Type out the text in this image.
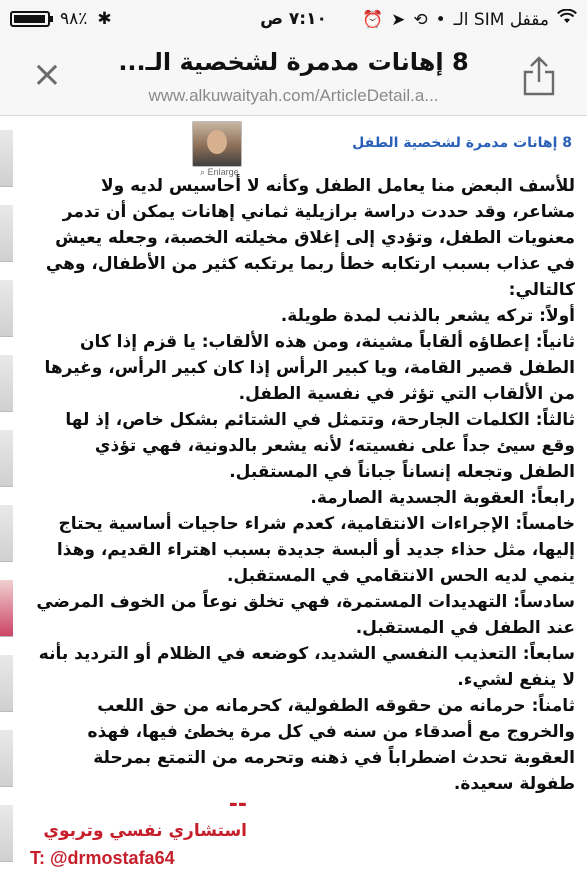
٩٨٪ ✱	٧:١٠ ص	⏰ ➤ ⟲ • الـ SIM مقفل
×	8 إهانات مدمرة لشخصية الـ...
www.alkuwaityah.com/ArticleDetail.a...
⌕ Enlarge
8 إهانات مدمرة لشخصية الطفل

للأسف البعض منا يعامل الطفل وكأنه لا أحاسيس لديه ولا مشاعر، وقد حددت دراسة برازيلية ثماني إهانات يمكن أن تدمر معنويات الطفل، وتؤدي إلى إغلاق مخيلته الخصبة، وجعله يعيش في عذاب بسبب ارتكابه خطأ ربما يرتكبه كثير من الأطفال، وهي كالتالي:

أولاً: تركه يشعر بالذنب لمدة طويلة.

ثانياً: إعطاؤه ألقاباً مشينة، ومن هذه الألقاب: يا قزم إذا كان الطفل قصير القامة، ويا كبير الرأس إذا كان كبير الرأس، وغيرها من الألقاب التي تؤثر في نفسية الطفل.

ثالثاً: الكلمات الجارحة، وتتمثل في الشتائم بشكل خاص، إذ لها وقع سيئ جداً على نفسيته؛ لأنه يشعر بالدونية، فهي تؤذي الطفل وتجعله إنساناً جباناً في المستقبل.

رابعاً: العقوبة الجسدية الصارمة.

خامساً: الإجراءات الانتقامية، كعدم شراء حاجيات أساسية يحتاج إليها، مثل حذاء جديد أو ألبسة جديدة بسبب اهتراء القديم، وهذا ينمي لديه الحس الانتقامي في المستقبل.

سادساً: التهديدات المستمرة، فهي تخلق نوعاً من الخوف المرضي عند الطفل في المستقبل.

سابعاً: التعذيب النفسي الشديد، كوضعه في الظلام أو الترديد بأنه لا ينفع لشيء.

ثامناً: حرمانه من حقوقه الطفولية، كحرمانه من حق اللعب والخروج مع أصدقاء من سنه في كل مرة يخطئ فيها، فهذه العقوبة تحدث اضطراباً في ذهنه وتحرمه من التمتع بمرحلة طفولة سعيدة.

--
استشاري نفسي وتربوي
T: @drmostafa64
